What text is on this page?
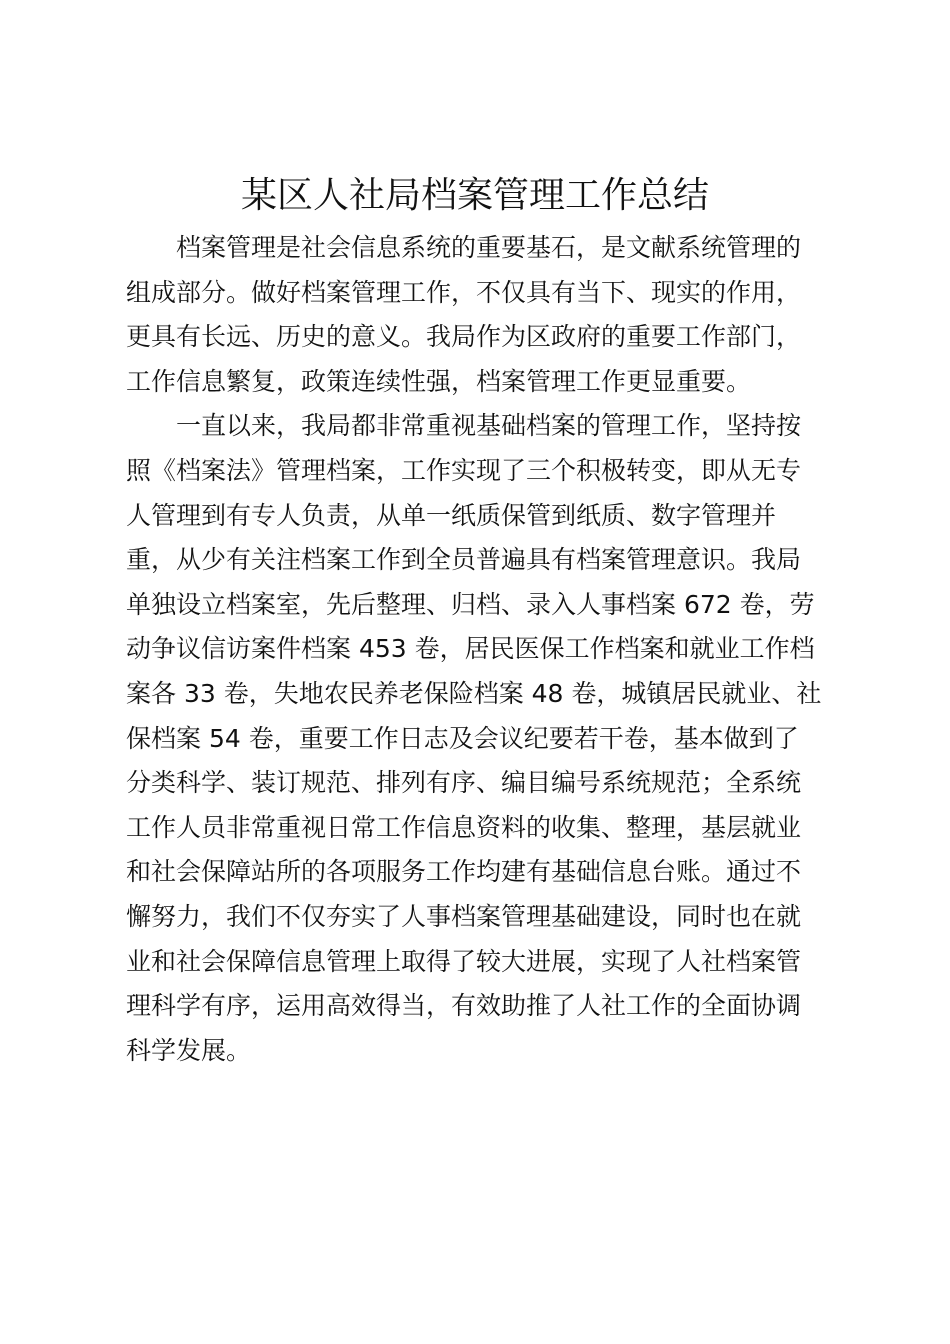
某区人社局档案管理工作总结
档案管理是社会信息系统的重要基石，是文献系统管理的
组成部分。做好档案管理工作，不仅具有当下、现实的作用，
更具有长远、历史的意义。我局作为区政府的重要工作部门，
工作信息繁复，政策连续性强，档案管理工作更显重要。
一直以来，我局都非常重视基础档案的管理工作，坚持按
照《档案法》管理档案，工作实现了三个积极转变，即从无专
人管理到有专人负责，从单一纸质保管到纸质、数字管理并
重，从少有关注档案工作到全员普遍具有档案管理意识。我局
单独设立档案室，先后整理、归档、录入人事档案 672 卷，劳
动争议信访案件档案 453 卷，居民医保工作档案和就业工作档
案各 33 卷，失地农民养老保险档案 48 卷，城镇居民就业、社
保档案 54 卷，重要工作日志及会议纪要若干卷，基本做到了
分类科学、装订规范、排列有序、编目编号系统规范；全系统
工作人员非常重视日常工作信息资料的收集、整理，基层就业
和社会保障站所的各项服务工作均建有基础信息台账。通过不
懈努力，我们不仅夯实了人事档案管理基础建设，同时也在就
业和社会保障信息管理上取得了较大进展，实现了人社档案管
理科学有序，运用高效得当，有效助推了人社工作的全面协调
科学发展。
